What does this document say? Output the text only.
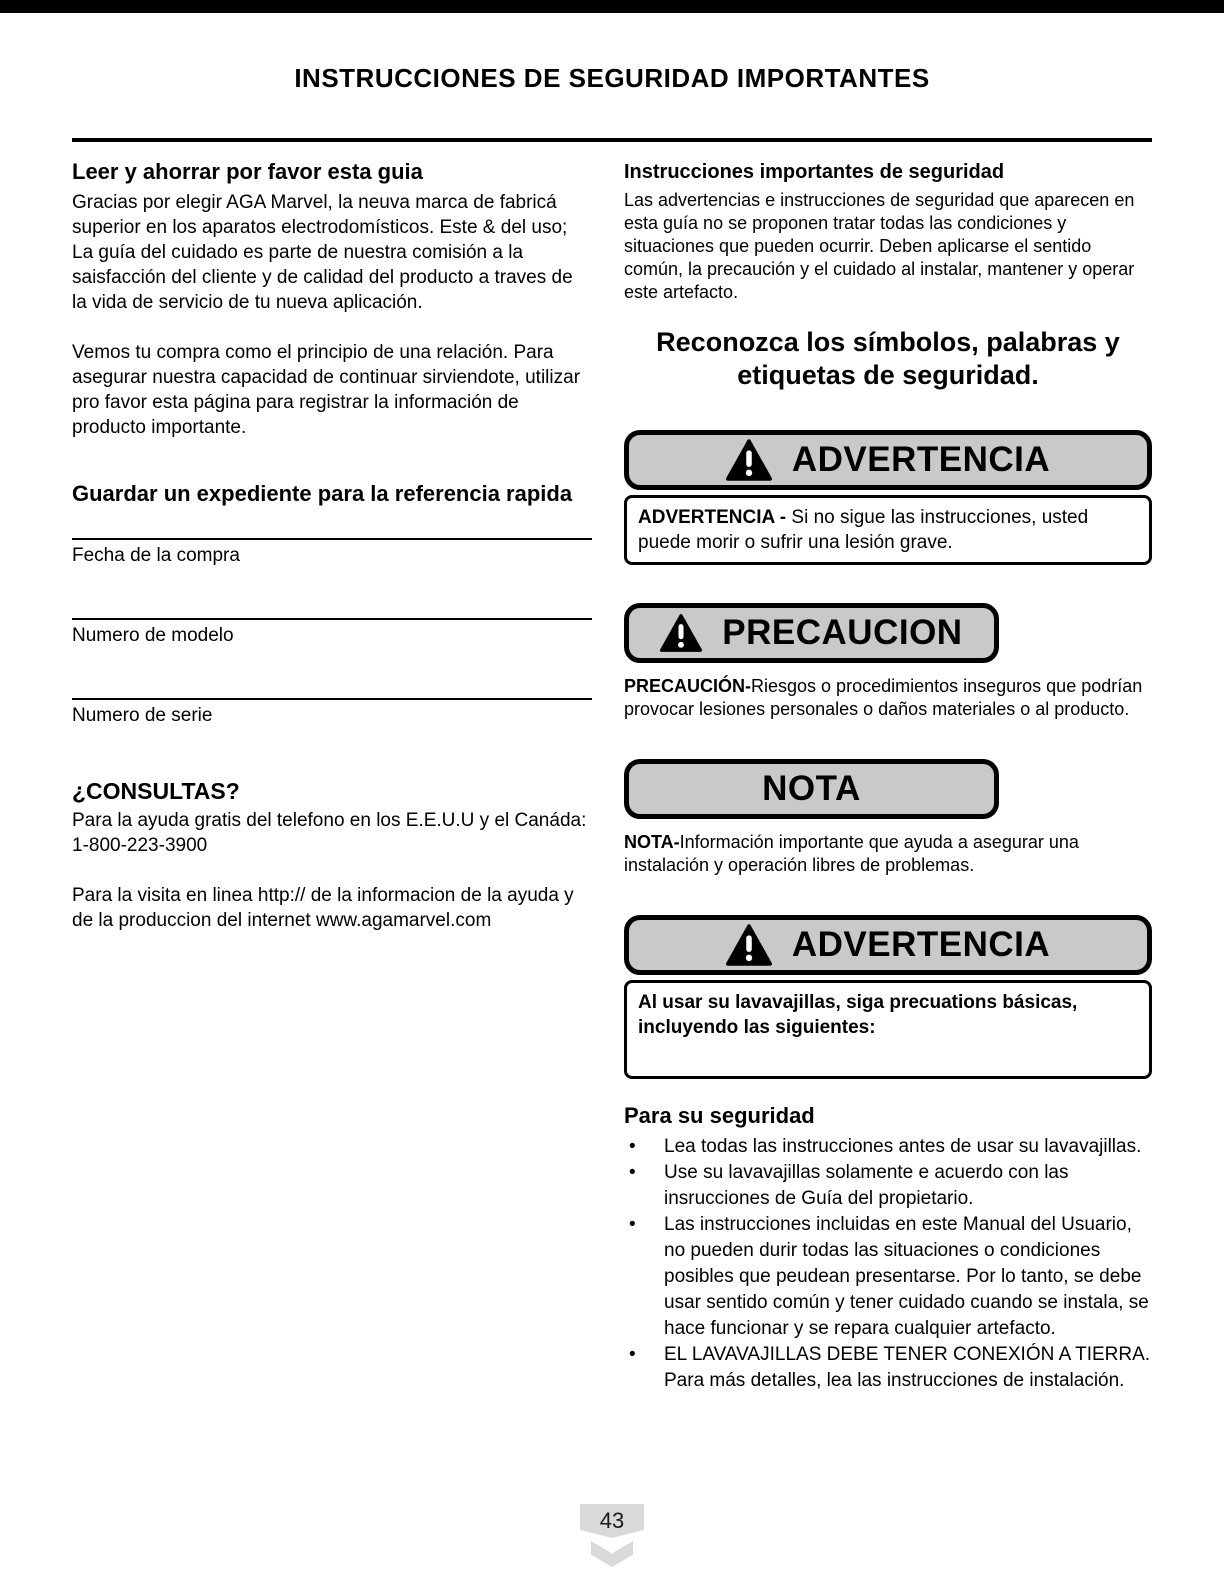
INSTRUCCIONES DE SEGURIDAD IMPORTANTES
Leer y ahorrar por favor esta guia

Gracias por elegir AGA Marvel, la neuva marca de fabricá superior en los aparatos electrodomísticos. Este & del uso; La guía del cuidado es parte de nuestra comisión a la saisfacción del cliente y de calidad del producto a traves de la vida de servicio de tu nueva aplicación.

Vemos tu compra como el principio de una relación. Para asegurar nuestra capacidad de continuar sirviendote, utilizar pro favor esta página para registrar la información de producto importante.

Guardar un expediente para la referencia rapida
Fecha de la compra
Numero de modelo
Numero de serie
¿CONSULTAS?

Para la ayuda gratis del telefono en los E.E.U.U y el Canáda: 1-800-223-3900

Para la visita en linea http:// de la informacion de la ayuda y de la produccion del internet www.agamarvel.com

Instrucciones importantes de seguridad

Las advertencias e instrucciones de seguridad que aparecen en esta guía no se proponen tratar todas las condiciones y situaciones que pueden ocurrir. Deben aplicarse el sentido común, la precaución y el cuidado al instalar, mantener y operar este artefacto.

Reconozca los símbolos, palabras y etiquetas de seguridad.
ADVERTENCIA
ADVERTENCIA - Si no sigue las instrucciones, usted puede morir o sufrir una lesión grave.
PRECAUCION

PRECAUCIÓN-Riesgos o procedimientos inseguros que podrían provocar lesiones personales o daños materiales o al producto.

NOTA

NOTA-Información importante que ayuda a asegurar una instalación y operación libres de problemas.

ADVERTENCIA
Al usar su lavavajillas, siga precuations básicas, incluyendo las siguientes:
Para su seguridad
•	Lea todas las instrucciones antes de usar su lavavajillas.
•	Use su lavavajillas solamente e acuerdo con las insrucciones de Guía del propietario.
•	Las instrucciones incluidas en este Manual del Usuario, no pueden durir todas las situaciones o condiciones posibles que peudean presentarse. Por lo tanto, se debe usar sentido común y tener cuidado cuando se instala, se hace funcionar y se repara cualquier artefacto.
•	EL LAVAVAJILLAS DEBE TENER CONEXIÓN A TIERRA. Para más detalles, lea las instrucciones de instalación.
43
